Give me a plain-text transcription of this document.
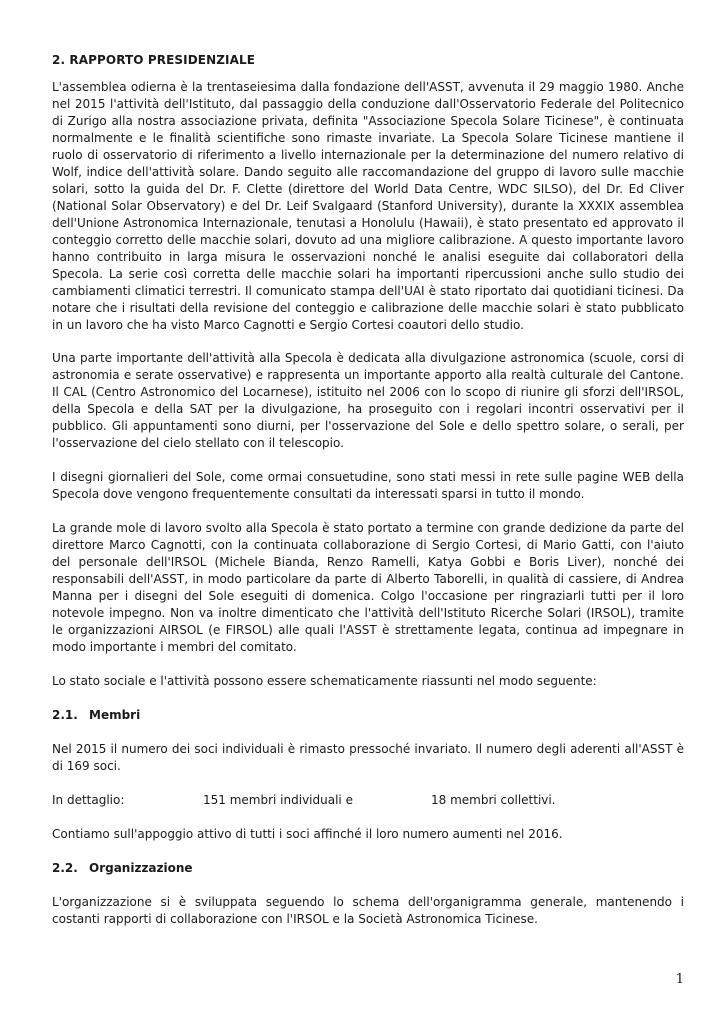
2. RAPPORTO PRESIDENZIALE

L'assemblea odierna è la trentaseiesima dalla fondazione dell'ASST, avvenuta il 29 maggio 1980. Anche nel 2015 l'attività dell'Istituto, dal passaggio della conduzione dall'Osservatorio Federale del Politecnico di Zurigo alla nostra associazione privata, definita "Associazione Specola Solare Ticinese", è continuata normalmente e le finalità scientifiche sono rimaste invariate. La Specola Solare Ticinese mantiene il ruolo di osservatorio di riferimento a livello internazionale per la determinazione del numero relativo di Wolf, indice dell'attività solare. Dando seguito alle raccomandazione del gruppo di lavoro sulle macchie solari, sotto la guida del Dr. F. Clette (direttore del World Data Centre, WDC SILSO), del Dr. Ed Cliver (National Solar Observatory) e del Dr. Leif Svalgaard (Stanford University), durante la XXXIX assemblea dell'Unione Astronomica Internazionale, tenutasi a Honolulu (Hawaii), è stato presentato ed approvato il conteggio corretto delle macchie solari, dovuto ad una migliore calibrazione. A questo importante lavoro hanno contribuito in larga misura le osservazioni nonché le analisi eseguite dai collaboratori della Specola. La serie così corretta delle macchie solari ha importanti ripercussioni anche sullo studio dei cambiamenti climatici terrestri. Il comunicato stampa dell'UAI è stato riportato dai quotidiani ticinesi. Da notare che i risultati della revisione del conteggio e calibrazione delle macchie solari è stato pubblicato in un lavoro che ha visto Marco Cagnotti e Sergio Cortesi coautori dello studio.

Una parte importante dell'attività alla Specola è dedicata alla divulgazione astronomica (scuole, corsi di astronomia e serate osservative) e rappresenta un importante apporto alla realtà culturale del Cantone. Il CAL (Centro Astronomico del Locarnese), istituito nel 2006 con lo scopo di riunire gli sforzi dell'IRSOL, della Specola e della SAT per la divulgazione, ha proseguito con i regolari incontri osservativi per il pubblico. Gli appuntamenti sono diurni, per l'osservazione del Sole e dello spettro solare, o serali, per l'osservazione del cielo stellato con il telescopio.

I disegni giornalieri del Sole, come ormai consuetudine, sono stati messi in rete sulle pagine WEB della Specola dove vengono frequentemente consultati da interessati sparsi in tutto il mondo.

La grande mole di lavoro svolto alla Specola è stato portato a termine con grande dedizione da parte del direttore Marco Cagnotti, con la continuata collaborazione di Sergio Cortesi, di Mario Gatti, con l'aiuto del personale dell'IRSOL (Michele Bianda, Renzo Ramelli, Katya Gobbi e Boris Liver), nonché dei responsabili dell'ASST, in modo particolare da parte di Alberto Taborelli, in qualità di cassiere, di Andrea Manna per i disegni del Sole eseguiti di domenica. Colgo l'occasione per ringraziarli tutti per il loro notevole impegno. Non va inoltre dimenticato che l'attività dell'Istituto Ricerche Solari (IRSOL), tramite le organizzazioni AIRSOL (e FIRSOL) alle quali l'ASST è strettamente legata, continua ad impegnare in modo importante i membri del comitato.

Lo stato sociale e l'attività possono essere schematicamente riassunti nel modo seguente:

2.1. Membri

Nel 2015 il numero dei soci individuali è rimasto pressoché invariato. Il numero degli aderenti all'ASST è di 169 soci.

In dettaglio:	151 membri individuali e	18 membri collettivi.

Contiamo sull'appoggio attivo di tutti i soci affinché il loro numero aumenti nel 2016.

2.2. Organizzazione

L'organizzazione si è sviluppata seguendo lo schema dell'organigramma generale, mantenendo i costanti rapporti di collaborazione con l'IRSOL e la Società Astronomica Ticinese.

1
